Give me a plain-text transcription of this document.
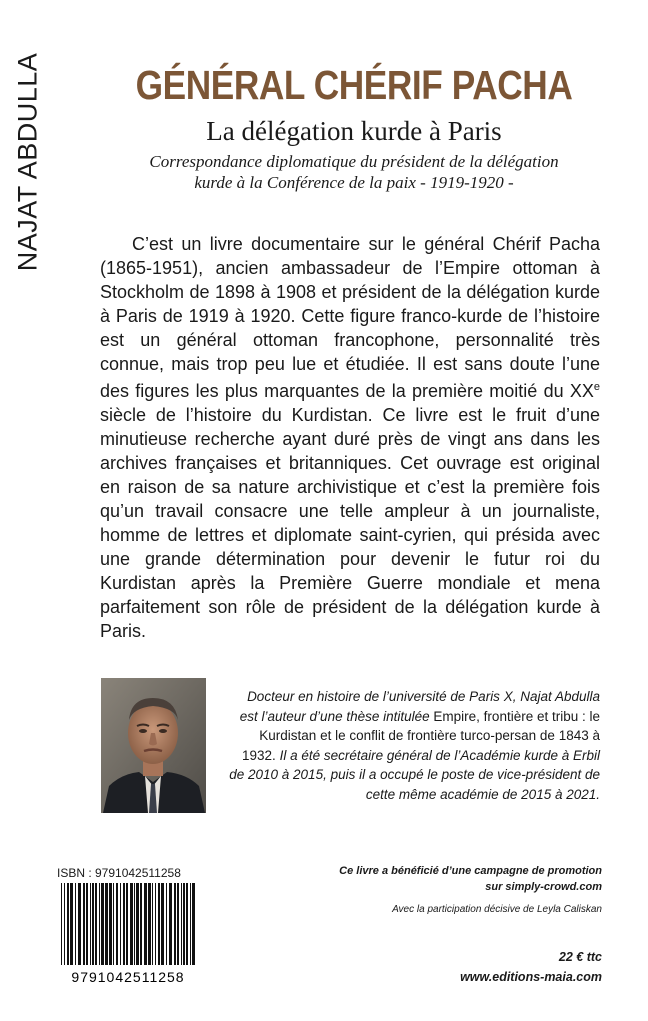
NAJAT ABDULLA	GÉNÉRAL CHÉRIF PACHA
La délégation kurde à Paris
Correspondance diplomatique du président de la délégation
kurde à la Conférence de la paix - 1919-1920 -

C’est un livre documentaire sur le général Chérif Pacha (1865-1951), ancien ambassadeur de l’Empire ottoman à Stockholm de 1898 à 1908 et président de la délégation kurde à Paris de 1919 à 1920. Cette figure franco-kurde de l’histoire est un général ottoman francophone, personnalité très connue, mais trop peu lue et étudiée. Il est sans doute l’une des figures les plus marquantes de la première moitié du XXe siècle de l’histoire du Kurdistan. Ce livre est le fruit d’une minutieuse recherche ayant duré près de vingt ans dans les archives françaises et britanniques. Cet ouvrage est original en raison de sa nature archivistique et c’est la première fois qu’un travail consacre une telle ampleur à un journaliste, homme de lettres et diplomate saint-cyrien, qui présida avec une grande détermination pour devenir le futur roi du Kurdistan après la Première Guerre mondiale et mena parfaitement son rôle de président de la délégation kurde à Paris.

Docteur en histoire de l’université de Paris X, Najat Abdulla est l’auteur d’une thèse intitulée Empire, frontière et tribu : le Kurdistan et le conflit de frontière turco-persan de 1843 à 1932. Il a été secrétaire général de l’Académie kurde à Erbil de 2010 à 2015, puis il a occupé le poste de vice-président de cette même académie de 2015 à 2021.

ISBN : 9791042511258
9791042511258
Ce livre a bénéficié d’une campagne de promotion
sur simply-crowd.com
Avec la participation décisive de Leyla Caliskan
22 € ttc
www.editions-maia.com
